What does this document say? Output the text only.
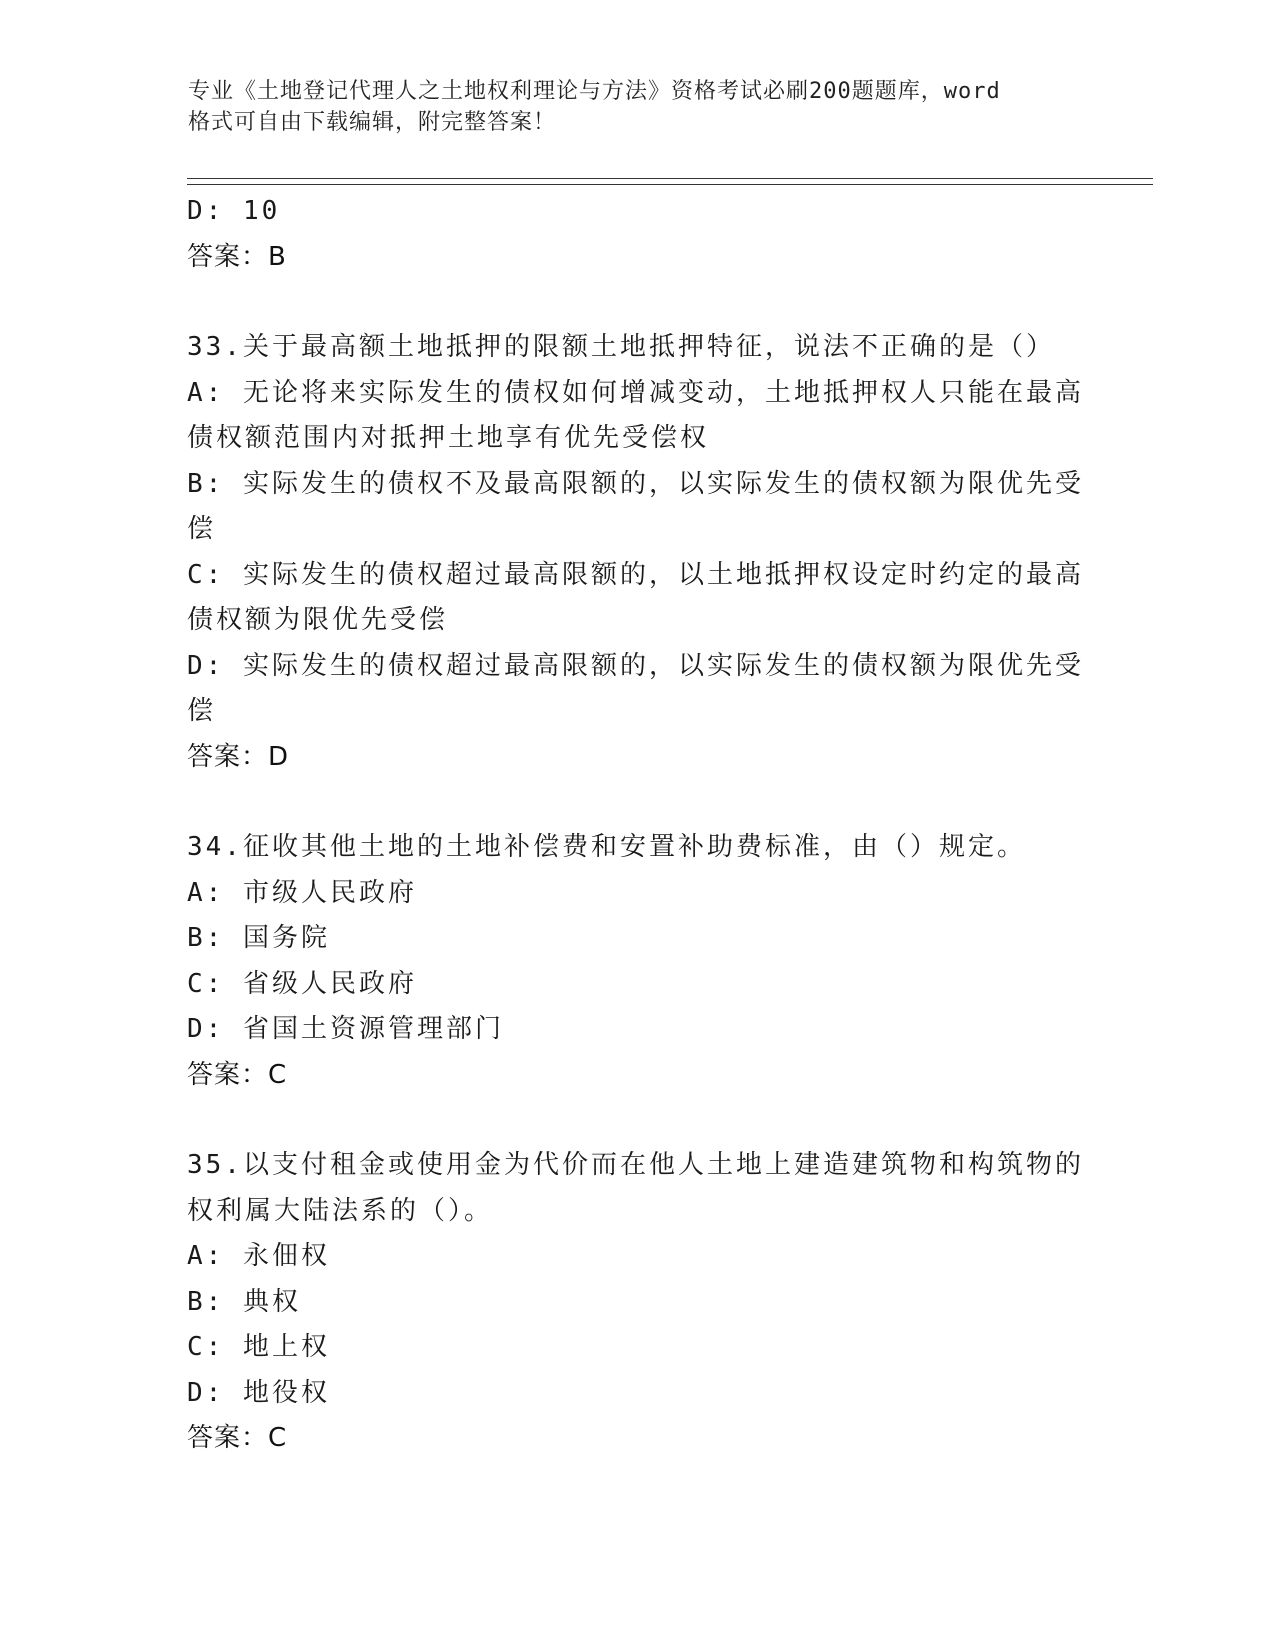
专业《土地登记代理人之土地权利理论与方法》资格考试必刷200题题库，word
格式可自由下载编辑，附完整答案！
D: 10
答案：B
33.关于最高额土地抵押的限额土地抵押特征，说法不正确的是（）
A: 无论将来实际发生的债权如何增减变动，土地抵押权人只能在最高
债权额范围内对抵押土地享有优先受偿权
B: 实际发生的债权不及最高限额的，以实际发生的债权额为限优先受
偿
C: 实际发生的债权超过最高限额的，以土地抵押权设定时约定的最高
债权额为限优先受偿
D: 实际发生的债权超过最高限额的，以实际发生的债权额为限优先受
偿
答案：D
34.征收其他土地的土地补偿费和安置补助费标准，由（）规定。
A: 市级人民政府
B: 国务院
C: 省级人民政府
D: 省国土资源管理部门
答案：C
35.以支付租金或使用金为代价而在他人土地上建造建筑物和构筑物的
权利属大陆法系的（）。
A: 永佃权
B: 典权
C: 地上权
D: 地役权
答案：C
